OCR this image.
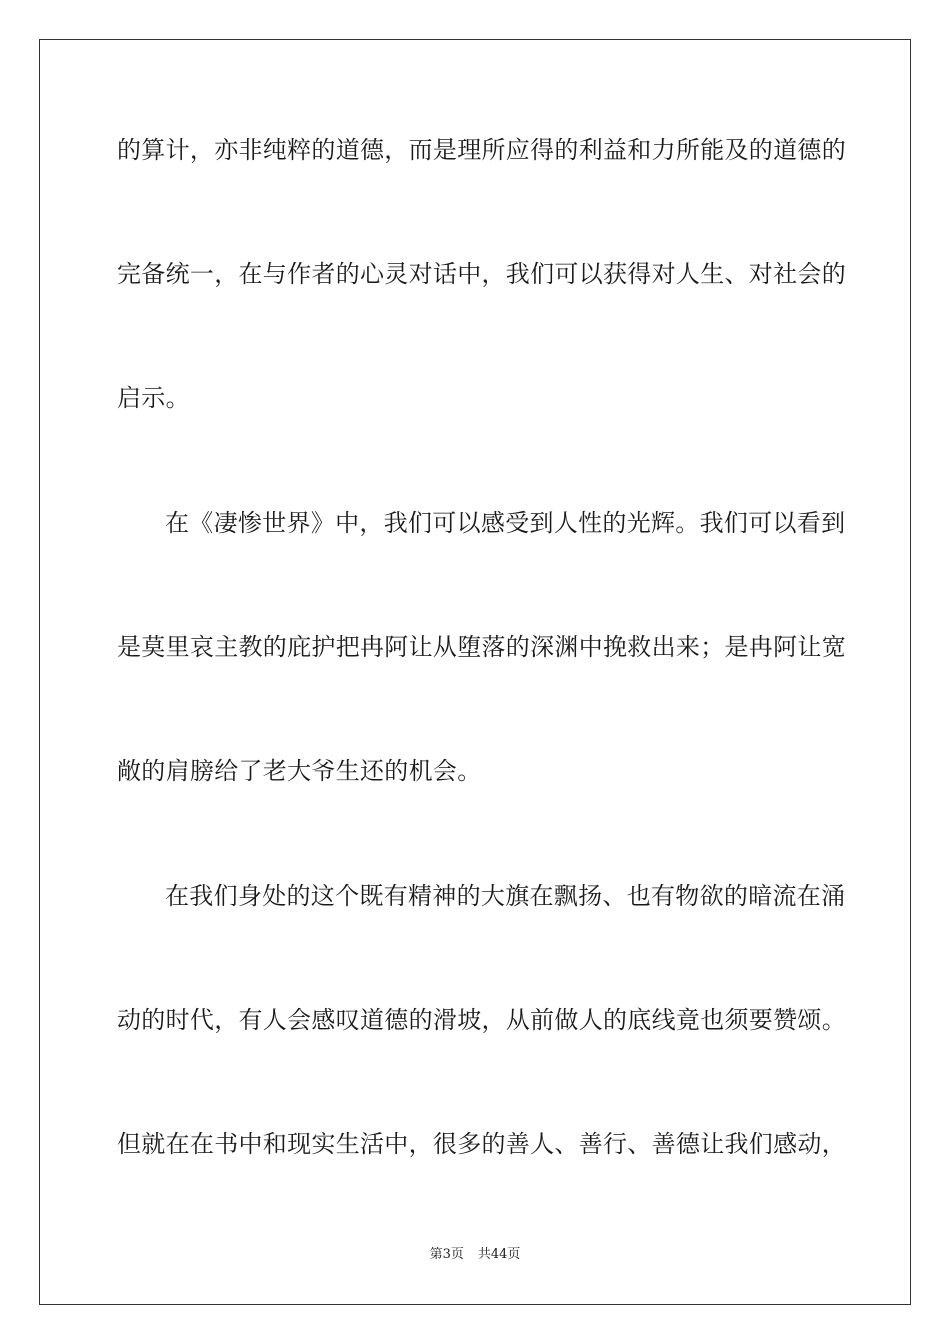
的算计，亦非纯粹的道德，而是理所应得的利益和力所能及的道德的
完备统一，在与作者的心灵对话中，我们可以获得对人生、对社会的
启示。
在《凄惨世界》中，我们可以感受到人性的光辉。我们可以看到
是莫里哀主教的庇护把冉阿让从堕落的深渊中挽救出来；是冉阿让宽
敞的肩膀给了老大爷生还的机会。
在我们身处的这个既有精神的大旗在飘扬、也有物欲的暗流在涌
动的时代，有人会感叹道德的滑坡，从前做人的底线竟也须要赞颂。
但就在在书中和现实生活中，很多的善人、善行、善德让我们感动，
第3页 共44页
